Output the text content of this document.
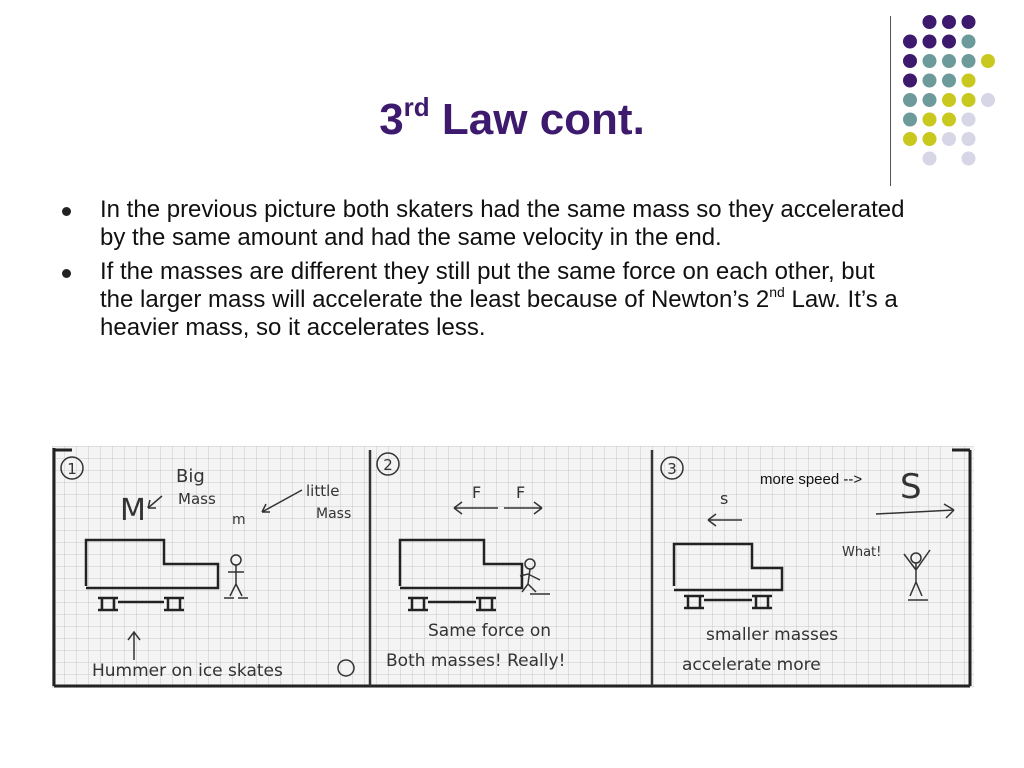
3rd Law cont.
In the previous picture both skaters had the same mass so they accelerated by the same amount and had the same velocity in the end.
If the masses are different they still put the same force on each other, but the larger mass will accelerate the least because of Newton’s 2nd Law. It’s a heavier mass, so it accelerates less.
1
M
Big
Mass
m
little
Mass
Hummer on ice skates
2
F F
Same force on
Both masses! Really!
3
more speed -->
s	S
What!
smaller masses
accelerate more
